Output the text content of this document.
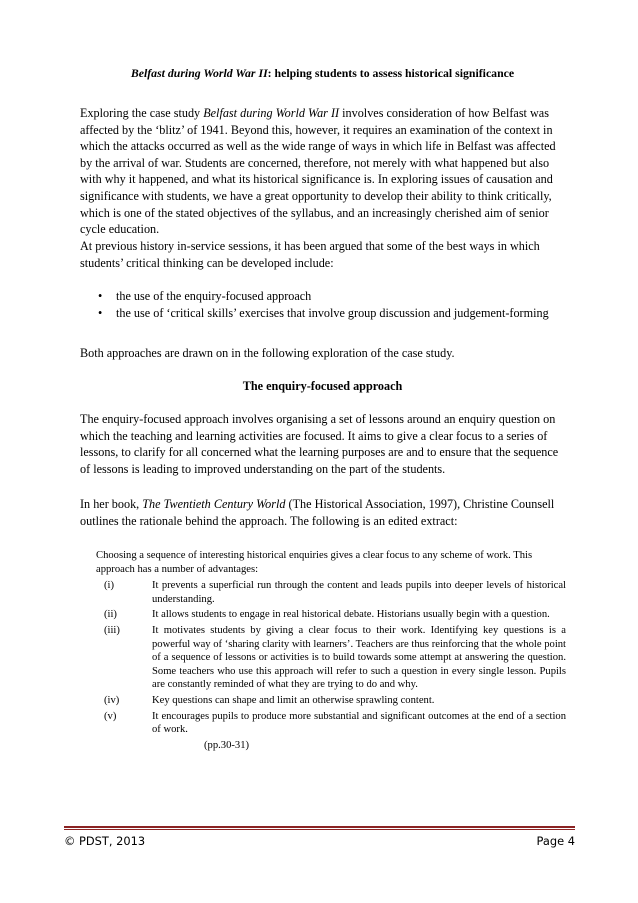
Belfast during World War II: helping students to assess historical significance

Exploring the case study Belfast during World War II involves consideration of how Belfast was affected by the ‘blitz’ of 1941. Beyond this, however, it requires an examination of the context in which the attacks occurred as well as the wide range of ways in which life in Belfast was affected by the arrival of war. Students are concerned, therefore, not merely with what happened but also with why it happened, and what its historical significance is. In exploring issues of causation and significance with students, we have a great opportunity to develop their ability to think critically, which is one of the stated objectives of the syllabus, and an increasingly cherished aim of senior cycle education.

At previous history in-service sessions, it has been argued that some of the best ways in which students’ critical thinking can be developed include:

• the use of the enquiry-focused approach
• the use of ‘critical skills’ exercises that involve group discussion and judgement-forming

Both approaches are drawn on in the following exploration of the case study.

The enquiry-focused approach

The enquiry-focused approach involves organising a set of lessons around an enquiry question on which the teaching and learning activities are focused. It aims to give a clear focus to a series of lessons, to clarify for all concerned what the learning purposes are and to ensure that the sequence of lessons is leading to improved understanding on the part of the students.

In her book, The Twentieth Century World (The Historical Association, 1997), Christine Counsell outlines the rationale behind the approach. The following is an edited extract:

Choosing a sequence of interesting historical enquiries gives a clear focus to any scheme of work. This approach has a number of advantages:

(i)	It prevents a superficial run through the content and leads pupils into deeper levels of historical understanding.
(ii)	It allows students to engage in real historical debate. Historians usually begin with a question.
(iii)	It motivates students by giving a clear focus to their work. Identifying key questions is a powerful way of ‘sharing clarity with learners’. Teachers are thus reinforcing that the whole point of a sequence of lessons or activities is to build towards some attempt at answering the question. Some teachers who use this approach will refer to such a question in every single lesson. Pupils are constantly reminded of what they are trying to do and why.
(iv)	Key questions can shape and limit an otherwise sprawling content.
(v)	It encourages pupils to produce more substantial and significant outcomes at the end of a section of work.
(pp.30-31)
© PDST, 2013	Page 4
